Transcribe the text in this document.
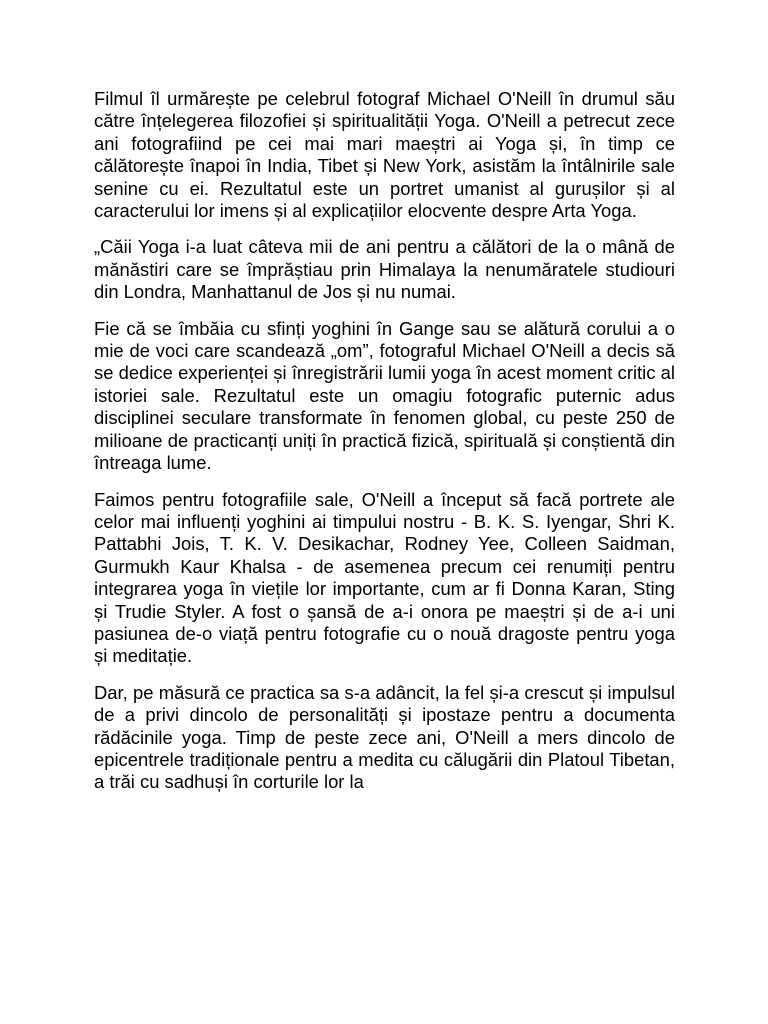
Filmul îl urmărește pe celebrul fotograf Michael O'Neill în drumul său către înțelegerea filozofiei și spiritualității Yoga. O'Neill a petrecut zece ani fotografiind pe cei mai mari maeștri ai Yoga și, în timp ce călătorește înapoi în India, Tibet și New York, asistăm la întâlnirile sale senine cu ei. Rezultatul este un portret umanist al gurușilor și al caracterului lor imens și al explicațiilor elocvente despre Arta Yoga.

„Căii Yoga i-a luat câteva mii de ani pentru a călători de la o mână de mănăstiri care se împrăștiau prin Himalaya la nenumăratele studiouri din Londra, Manhattanul de Jos și nu numai.

Fie că se îmbăia cu sfinți yoghini în Gange sau se alătură corului a o mie de voci care scandează „om”, fotograful Michael O'Neill a decis să se dedice experienței și înregistrării lumii yoga în acest moment critic al istoriei sale. Rezultatul este un omagiu fotografic puternic adus disciplinei seculare transformate în fenomen global, cu peste 250 de milioane de practicanți uniți în practică fizică, spirituală și conștientă din întreaga lume.

Faimos pentru fotografiile sale, O'Neill a început să facă portrete ale celor mai influenți yoghini ai timpului nostru - B. K. S. Iyengar, Shri K. Pattabhi Jois, T. K. V. Desikachar, Rodney Yee, Colleen Saidman, Gurmukh Kaur Khalsa - de asemenea precum cei renumiți pentru integrarea yoga în viețile lor importante, cum ar fi Donna Karan, Sting și Trudie Styler. A fost o șansă de a-i onora pe maeștri și de a-i uni pasiunea de-o viață pentru fotografie cu o nouă dragoste pentru yoga și meditație.

Dar, pe măsură ce practica sa s-a adâncit, la fel și-a crescut și impulsul de a privi dincolo de personalități și ipostaze pentru a documenta rădăcinile yoga. Timp de peste zece ani, O'Neill a mers dincolo de epicentrele tradiționale pentru a medita cu călugării din Platoul Tibetan, a trăi cu sadhuși în corturile lor la
